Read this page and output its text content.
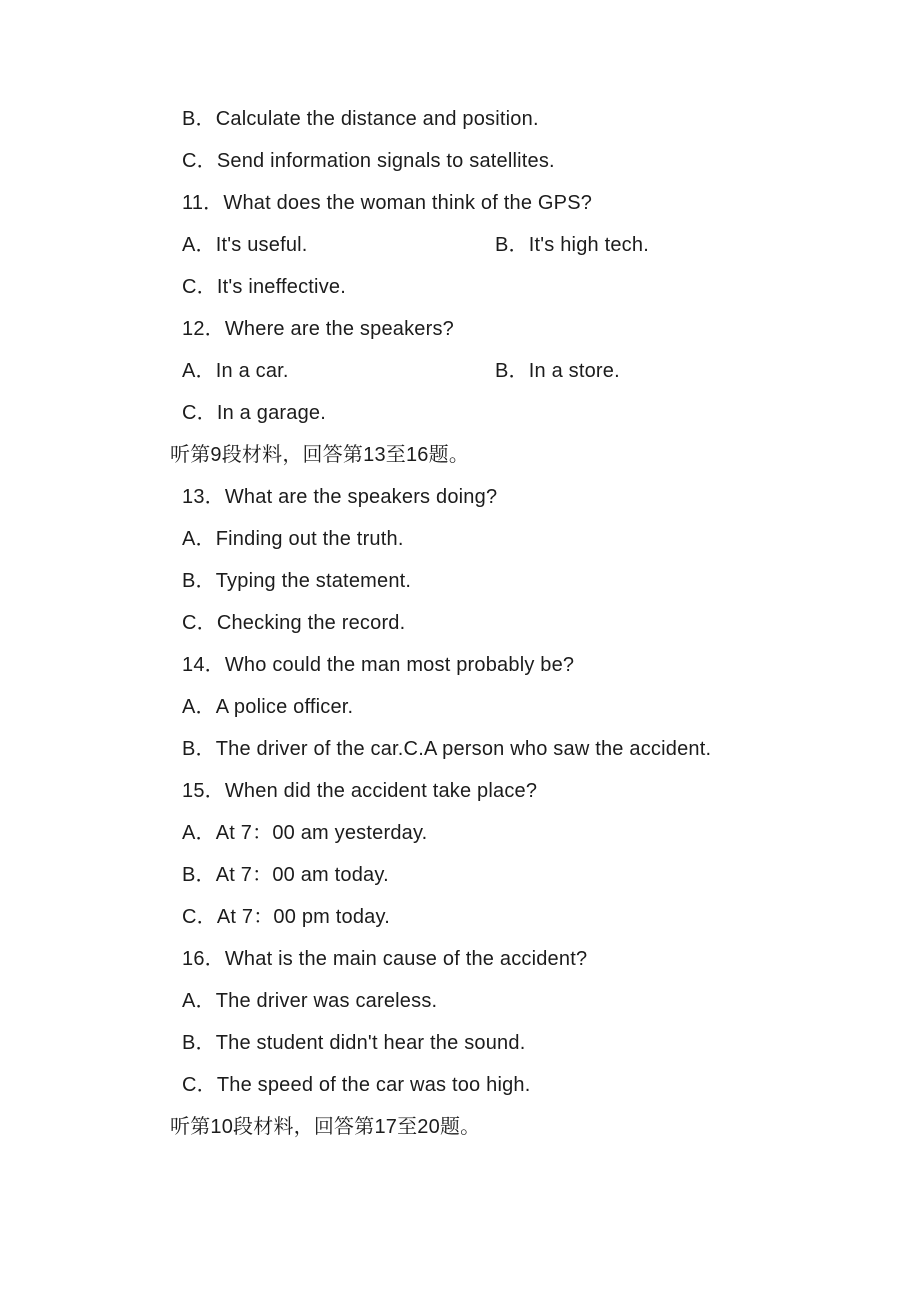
B．Calculate the distance and position.
C．Send information signals to satellites.
11．What does the woman think of the GPS?
A．It's useful.	B．It's high tech.
C．It's ineffective.
12．Where are the speakers?
A．In a car.	B．In a store.
C．In a garage.
听第9段材料，回答第13至16题。
13．What are the speakers doing?
A．Finding out the truth.
B．Typing the statement.
C．Checking the record.
14．Who could the man most probably be?
A．A police officer.
B．The driver of the car.C.A person who saw the accident.
15．When did the accident take place?
A．At 7：00 am yesterday.
B．At 7：00 am today.
C．At 7：00 pm today.
16．What is the main cause of the accident?
A．The driver was careless.
B．The student didn't hear the sound.
C．The speed of the car was too high.
听第10段材料，回答第17至20题。
